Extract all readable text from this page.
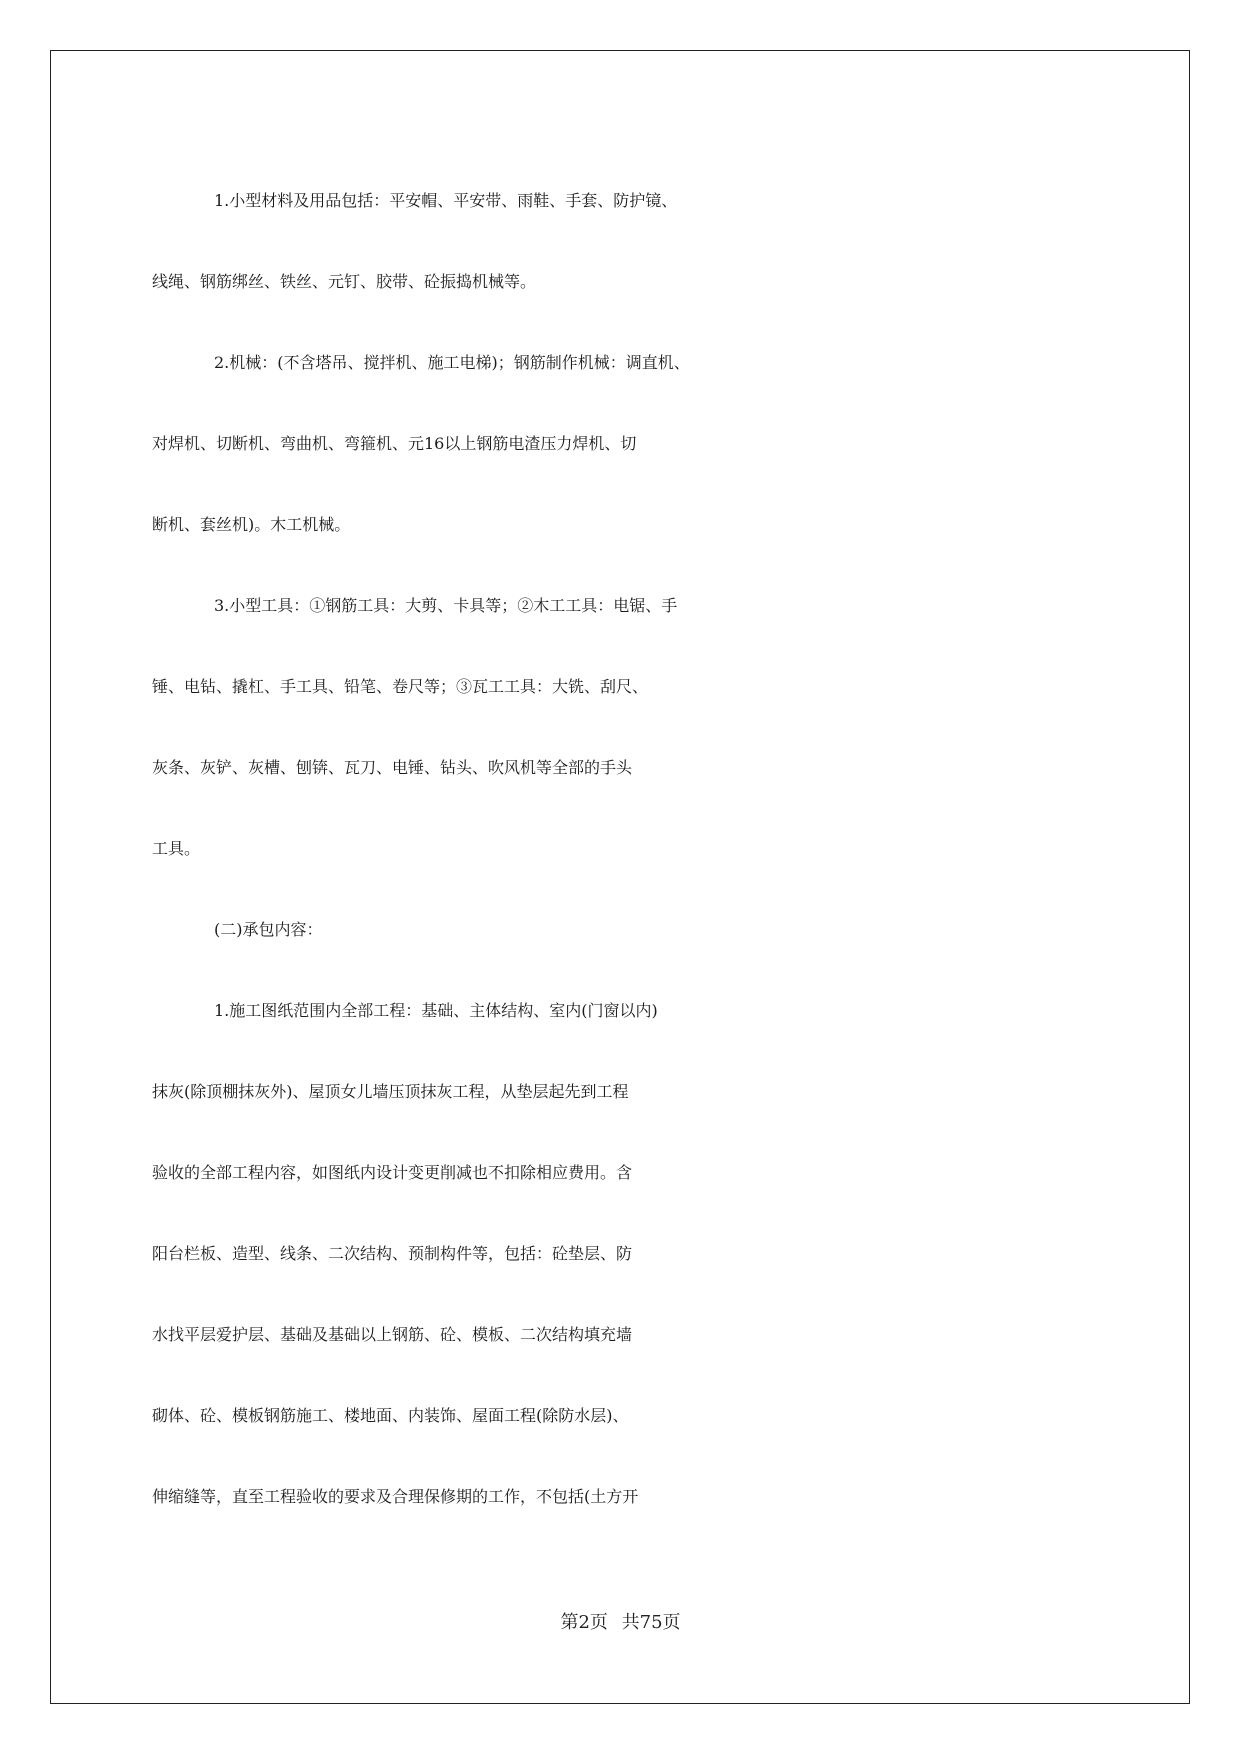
1.小型材料及用品包括：平安帽、平安带、雨鞋、手套、防护镜、
线绳、钢筋绑丝、铁丝、元钉、胶带、砼振捣机械等。
2.机械：(不含塔吊、搅拌机、施工电梯)；钢筋制作机械：调直机、
对焊机、切断机、弯曲机、弯箍机、元16以上钢筋电渣压力焊机、切
断机、套丝机)。木工机械。
3.小型工具：①钢筋工具：大剪、卡具等；②木工工具：电锯、手
锤、电钻、撬杠、手工具、铅笔、卷尺等；③瓦工工具：大铣、刮尺、
灰条、灰铲、灰槽、刨锛、瓦刀、电锤、钻头、吹风机等全部的手头
工具。
(二)承包内容：
1.施工图纸范围内全部工程：基础、主体结构、室内(门窗以内)
抹灰(除顶棚抹灰外)、屋顶女儿墙压顶抹灰工程，从垫层起先到工程
验收的全部工程内容，如图纸内设计变更削减也不扣除相应费用。含
阳台栏板、造型、线条、二次结构、预制构件等，包括：砼垫层、防
水找平层爱护层、基础及基础以上钢筋、砼、模板、二次结构填充墙
砌体、砼、模板钢筋施工、楼地面、内装饰、屋面工程(除防水层)、
伸缩缝等，直至工程验收的要求及合理保修期的工作，不包括(土方开
第2页 共75页
